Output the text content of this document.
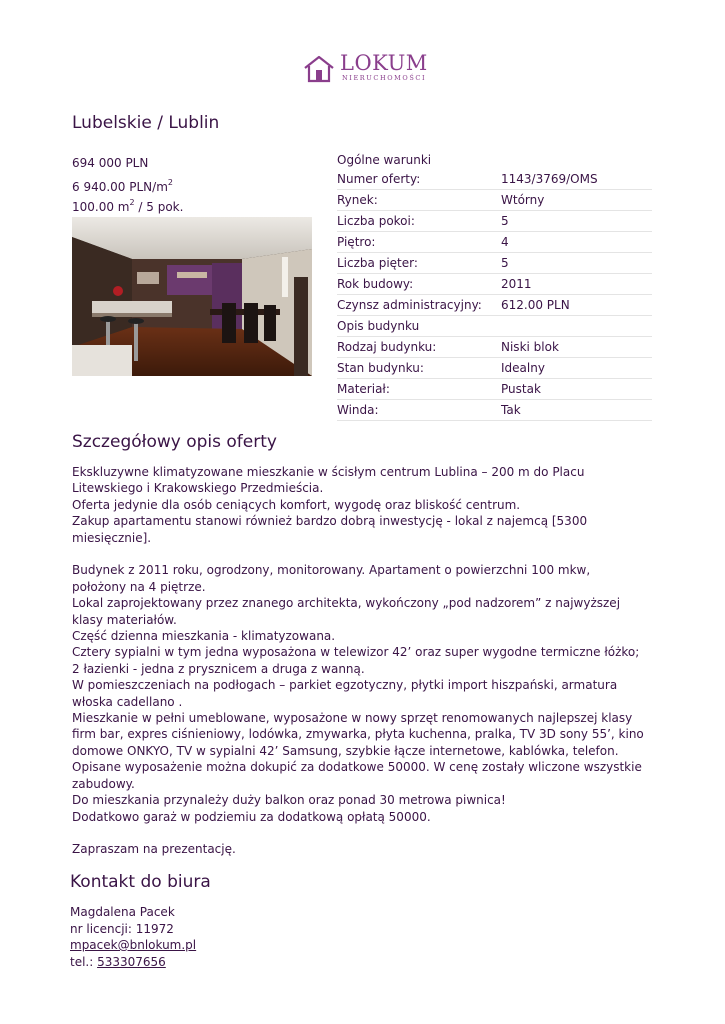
LOKUM
NIERUCHOMOŚCI
Lubelskie / Lublin
694 000 PLN
6 940.00 PLN/$m^2$
100.00 $m^2 / 5$ pok.
Ogólne warunki
Numer oferty:	1143/3769/OMS
Rynek:	Wtórny
Liczba pokoi:	5
Piętro:	4
Liczba pięter:	5
Rok budowy:	2011
Czynsz administracyjny: 612.00 PLN
Opis budynku
Rodzaj budynku:	Niski blok
Stan budynku:	Idealny
Materiał:	Pustak
Winda:	Tak
Szczegółowy opis oferty

Ekskluzywne klimatyzowane mieszkanie w ścisłym centrum Lublina – 200 m do Placu Litewskiego i Krakowskiego Przedmieścia.

Oferta jedynie dla osób ceniących komfort, wygodę oraz bliskość centrum.

Zakup apartamentu stanowi również bardzo dobrą inwestycję - lokal z najemcą [5300 miesięcznie].

Budynek z 2011 roku, ogrodzony, monitorowany. Apartament o powierzchni 100 mkw, położony na 4 piętrze.

Lokal zaprojektowany przez znanego architekta, wykończony „pod nadzorem” z najwyższej klasy materiałów.

Część dzienna mieszkania - klimatyzowana.

Cztery sypialni w tym jedna wyposażona w telewizor 42’ oraz super wygodne termiczne łóżko; 2 łazienki - jedna z prysznicem a druga z wanną.

W pomieszczeniach na podłogach – parkiet egzotyczny, płytki import hiszpański, armatura włoska cadellano .

Mieszkanie w pełni umeblowane, wyposażone w nowy sprzęt renomowanych najlepszej klasy firm bar, expres ciśnieniowy, lodówka, zmywarka, płyta kuchenna, pralka, TV 3D sony 55’, kino domowe ONKYO, TV w sypialni 42’ Samsung, szybkie łącze internetowe, kablówka, telefon.

Opisane wyposażenie można dokupić za dodatkowe 50000. W cenę zostały wliczone wszystkie zabudowy.

Do mieszkania przynależy duży balkon oraz ponad 30 metrowa piwnica!

Dodatkowo garaż w podziemiu za dodatkową opłatą 50000.

Zapraszam na prezentację.

Kontakt do biura
Magdalena Pacek
nr licencji: 11972
mpacek@bnlokum.pl
tel.: 533307656
